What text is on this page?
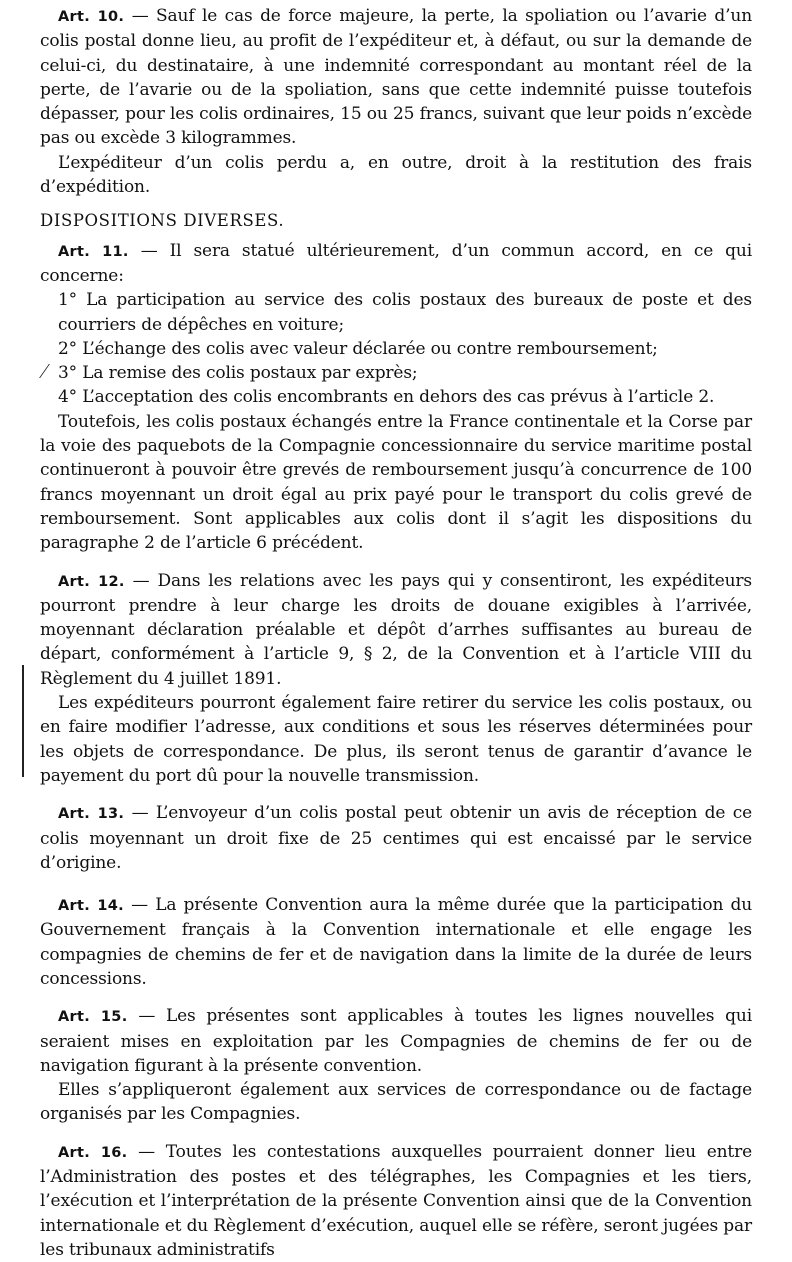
Art. 10. — Sauf le cas de force majeure, la perte, la spoliation ou l’avarie d’un colis postal donne lieu, au profit de l’expéditeur et, à défaut, ou sur la demande de celui-ci, du destinataire, à une indemnité correspondant au montant réel de la perte, de l’avarie ou de la spoliation, sans que cette indemnité puisse toutefois dépasser, pour les colis ordinaires, 15 ou 25 francs, suivant que leur poids n’excède pas ou excède 3 kilogrammes.

L’expéditeur d’un colis perdu a, en outre, droit à la restitution des frais d’expédition.

DISPOSITIONS DIVERSES.

Art. 11. — Il sera statué ultérieurement, d’un commun accord, en ce qui concerne:

1° La participation au service des colis postaux des bureaux de poste et des courriers de dépêches en voiture;

2° L’échange des colis avec valeur déclarée ou contre remboursement;

3° La remise des colis postaux par exprès;

4° L’acceptation des colis encombrants en dehors des cas prévus à l’article 2.

Toutefois, les colis postaux échangés entre la France continentale et la Corse par la voie des paquebots de la Compagnie concessionnaire du service maritime postal continueront à pouvoir être grevés de remboursement jusqu’à concurrence de 100 francs moyennant un droit égal au prix payé pour le transport du colis grevé de remboursement. Sont applicables aux colis dont il s’agit les dispositions du paragraphe 2 de l’article 6 précédent.

Art. 12. — Dans les relations avec les pays qui y consentiront, les expéditeurs pourront prendre à leur charge les droits de douane exigibles à l’arrivée, moyennant déclaration préalable et dépôt d’arrhes suffisantes au bureau de départ, conformément à l’article 9, § 2, de la Convention et à l’article VIII du Règlement du 4 juillet 1891.

Les expéditeurs pourront également faire retirer du service les colis postaux, ou en faire modifier l’adresse, aux conditions et sous les réserves déterminées pour les objets de correspondance. De plus, ils seront tenus de garantir d’avance le payement du port dû pour la nouvelle transmission.

Art. 13. — L’envoyeur d’un colis postal peut obtenir un avis de réception de ce colis moyennant un droit fixe de 25 centimes qui est encaissé par le service d’origine.

Art. 14. — La présente Convention aura la même durée que la participation du Gouvernement français à la Convention internationale et elle engage les compagnies de chemins de fer et de navigation dans la limite de la durée de leurs concessions.

Art. 15. — Les présentes sont applicables à toutes les lignes nouvelles qui seraient mises en exploitation par les Compagnies de chemins de fer ou de navigation figurant à la présente convention.

Elles s’appliqueront également aux services de correspondance ou de factage organisés par les Compagnies.

Art. 16. — Toutes les contestations auxquelles pourraient donner lieu entre l’Administration des postes et des télégraphes, les Compagnies et les tiers, l’exécution et l’interprétation de la présente Convention ainsi que de la Convention internationale et du Règlement d’exécution, auquel elle se réfère, seront jugées par les tribunaux administratifs
